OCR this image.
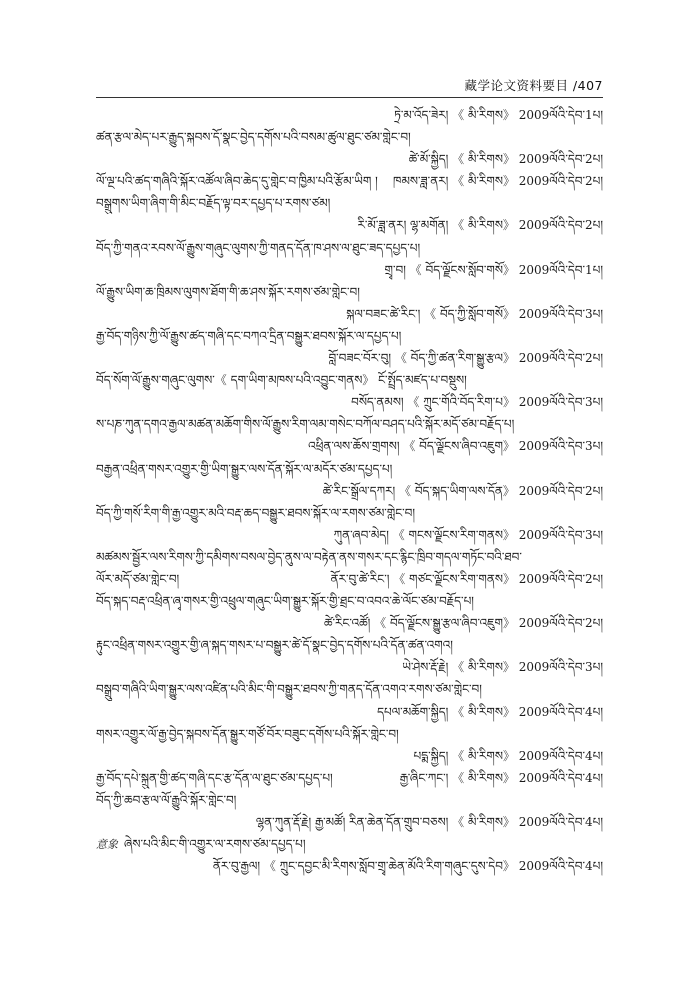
藏学论文资料要目 /407
ཏྲེ་མ་འོད་ཟེར། 《 མི་རིགས》 2009ལོའི་དེབ་1པ།
ཚན་རྩལ་མེད་པར་རྒྱུད་སྐབས་དོ་སྣང་བྱེད་དགོས་པའི་བསམ་ཚུལ་ཐུང་ཙམ་གླེང་བ།
ཚེ་མོ་སྐྱིད། 《 མི་རིགས》 2009ལོའི་དེབ་2པ།
ལོ་ལྔ་པའི་ཚད་གཞིའི་སྐོར་འཚོལ་ཞིབ་ཆེད་དུ་གླེང་བ་ཁྱིམ་པའི་རྩོམ་ཡིག ། ཁམས་ཟླ་ནར། 《 མི་རིགས》 2009ལོའི་དེབ་2པ།
བསྒྲུགས་ཡིག་ཞིག་གི་མིང་བརྗོད་ལྟ་བར་དཔྱད་པ་རགས་ཙམ།
རི་མོ་ཟླ་ནར། ལྷ་མགོན། 《 མི་རིགས》 2009ལོའི་དེབ་2པ།
བོད་ཀྱི་གནའ་རབས་ལོ་རྒྱུས་གཞུང་ལུགས་ཀྱི་གནད་དོན་ཁ་ཤས་ལ་ཐུང་ཟད་དཔྱད་པ།
གྲྭ་བ། 《 བོད་ལྗོངས་སློབ་གསོ》 2009ལོའི་དེབ་1པ།
ལོ་རྒྱུས་ཡིག་ཆ་ཁྲིམས་ལུགས་ཐོག་གི་ཆ་ཤས་སྐོར་རགས་ཙམ་གླེང་བ།
སྐལ་བཟང་ཚེ་རིང་། 《 བོད་ཀྱི་སློབ་གསོ》 2009ལོའི་དེབ་3པ།
རྒྱ་བོད་གཉིས་ཀྱི་ལོ་རྒྱུས་ཚད་གཞི་དང་བཀའ་དྲིན་བསྒྱུར་ཐབས་སྐོར་ལ་དཔྱད་པ།
བློ་བཟང་བོར་བུ། 《 བོད་ཀྱི་ཚན་རིག་སྒྱུ་རྩལ》 2009ལོའི་དེབ་2པ།
བོད་སོག་ལོ་རྒྱུས་གཞུང་ལུགས་《 དག་ཡིག་མཁས་པའི་འབྱུང་གནས》 ངོ་སྤྲོད་མཛད་པ་བསྡུས།
བསོད་ནམས། 《 ཀྲུང་གོའི་བོད་རིག་པ》 2009ལོའི་དེབ་3པ།
ས་པཎ་ཀུན་དགའ་རྒྱལ་མཚན་མཆོག་གིས་ལོ་རྒྱུས་རིག་ལམ་གསེང་བཀོལ་བཤད་པའི་སྐོར་མདོ་ཙམ་བརྗོད་པ།
འཕྲིན་ལས་ཆོས་གྲགས། 《 བོད་ལྗོངས་ཞིབ་འཇུག》 2009ལོའི་དེབ་3པ།
བརྒྱན་འཕྲིན་གསར་འགྱུར་གྱི་ཡིག་སྒྱུར་ལས་དོན་སྐོར་ལ་མདོར་ཙམ་དཔྱད་པ།
ཚེ་རིང་སྒྲོལ་དཀར། 《 བོད་སྐད་ཡིག་ལས་དོན》 2009ལོའི་དེབ་2པ།
བོད་ཀྱི་གསོ་རིག་གི་རྒྱ་འགྱུར་མའི་བརྡ་ཆད་བསྒྱུར་ཐབས་སྐོར་ལ་རགས་ཙམ་གླེང་བ།
ཀུན་ཞབ་མེད། 《 གངས་ལྗོངས་རིག་གནས》 2009ལོའི་དེབ་3པ།
མཚམས་སྦྱོར་ལས་རིགས་ཀྱི་དམིགས་བསལ་བྱེད་ནུས་ལ་བརྟེན་ནས་གསར་དང་རྙིང་ཁྲིབ་གདལ་གཏོང་བའི་ཐབ་
ལོར་མདོ་ཙམ་གླེང་བ།	ནོར་བུ་ཚེ་རིང་། 《 གཙང་ལྗོངས་རིག་གནས》 2009ལོའི་དེབ་2པ།
བོད་སྐད་བརྡ་འཕྲིན་ཞྭ་གསར་གྱི་འཕྲུལ་གཞུང་ཡིག་སྒྱུར་སྐོར་གྱི་ཐྲང་བ་འབའ་ཆེ་ལོང་ཙམ་བརྗོད་པ།
ཚེ་རིང་འཚོ། 《 བོད་ལྗོངས་སྒྱུ་རྩལ་ཞིབ་འཇུག》 2009ལོའི་དེབ་2པ།
རྟུང་འཕྲིན་གསར་འགྱུར་གྱི་ཞ་སྐད་གསར་པ་བསྒྱུར་ཚེ་དོ་སྣང་བྱེད་དགོས་པའི་དོན་ཚན་འགའ།
ཡེ་ཤེས་རྡོ་རྗེ། 《 མི་རིགས》 2009ལོའི་དེབ་3པ།
བསྒྲུབ་གཞིའི་ཡིག་སྒྱུར་ལས་འཛིན་པའི་མིང་གི་བསྒྱུར་ཐབས་ཀྱི་གནད་དོན་འགའ་རགས་ཙམ་གླེང་བ།
དཔལ་མཆོག་སྐྱིད། 《 མི་རིགས》 2009ལོའི་དེབ་4པ།
གསར་འགྱུར་ལོ་རྒྱ་བྱེད་སྐབས་དོན་སྒྱུར་གཙོ་བོར་བཟུང་དགོས་པའི་སྐོར་གླེང་བ།
པདྨ་སྐྱིད། 《 མི་རིགས》 2009ལོའི་དེབ་4པ།
རྒྱ་བོད་དཔེ་སྐྲུན་གྱི་ཚད་གཞི་དང་རྩ་དོན་ལ་ཐུང་ཙམ་དཔྱད་པ།	རྒྱ་ཞིང་ཀང་། 《 མི་རིགས》 2009ལོའི་དེབ་4པ།
བོད་ཀྱི་ཆབ་རྩལ་ལོ་རྒྱུའི་སྐོར་གླེང་བ།
ལྷན་ཀུན་རྡོ་རྗེ། རྒྱ་མཚོ། རིན་ཆེན་དོན་གྲུབ་བཅས། 《 མི་རིགས》 2009ལོའི་དེབ་4པ།
意象 ཞེས་པའི་མིང་གི་འགྱུར་ལ་རགས་ཙམ་དཔྱད་པ།
ནོར་བུ་རྒྱལ། 《 ཀྲུང་དབྱང་མི་རིགས་སློབ་གྲྭ་ཆེན་མོའི་རིག་གཞུང་དུས་དེབ》 2009ལོའི་དེབ་4པ།
